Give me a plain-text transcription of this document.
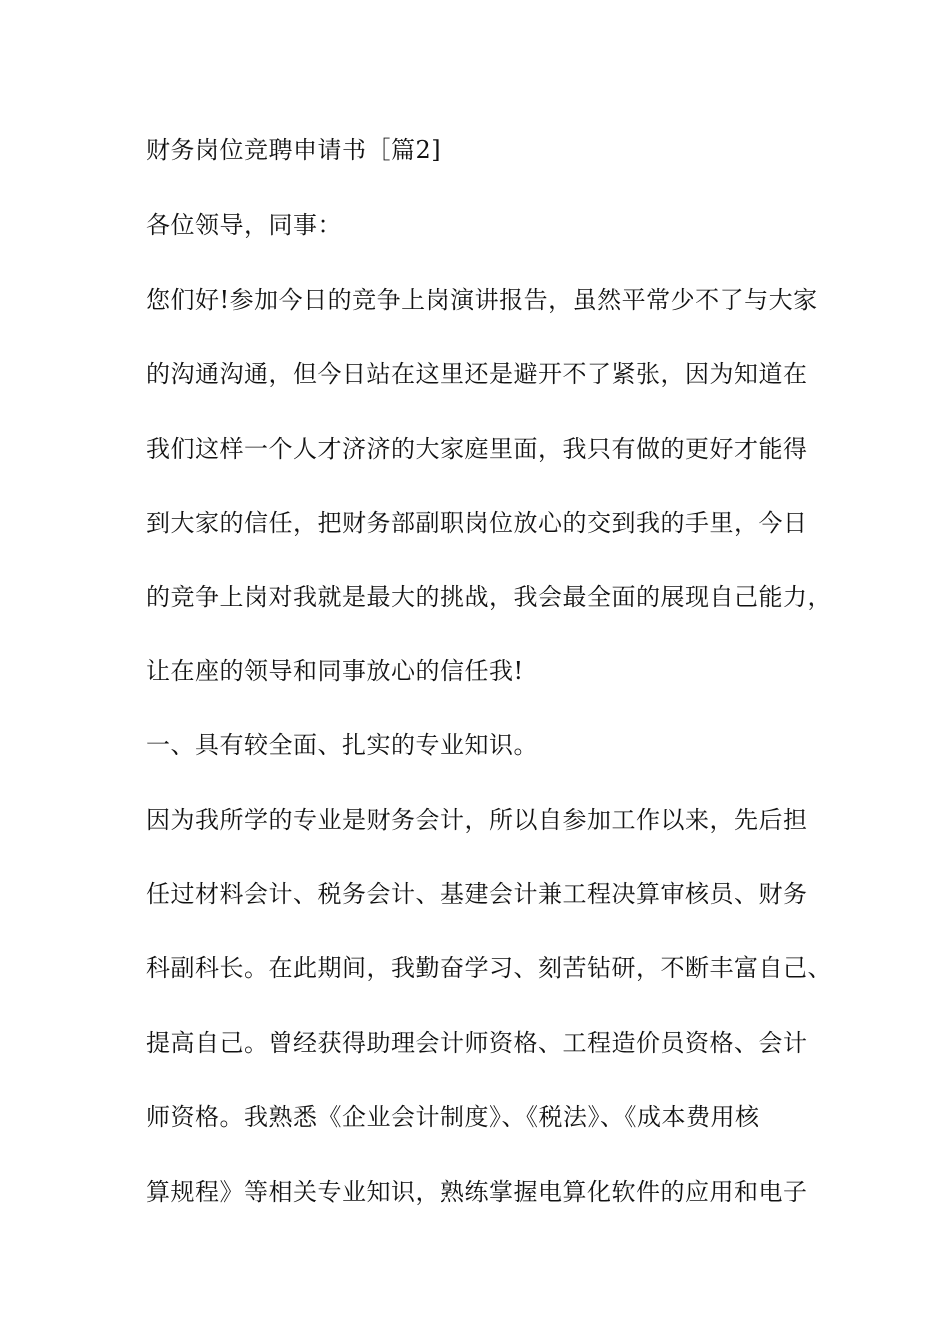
财务岗位竞聘申请书［篇2]
各位领导，同事：
您们好!参加今日的竞争上岗演讲报告，虽然平常少不了与大家
的沟通沟通，但今日站在这里还是避开不了紧张，因为知道在
我们这样一个人才济济的大家庭里面，我只有做的更好才能得
到大家的信任，把财务部副职岗位放心的交到我的手里，今日
的竞争上岗对我就是最大的挑战，我会最全面的展现自己能力，
让在座的领导和同事放心的信任我!
一、具有较全面、扎实的专业知识。
因为我所学的专业是财务会计，所以自参加工作以来，先后担
任过材料会计、税务会计、基建会计兼工程决算审核员、财务
科副科长。在此期间，我勤奋学习、刻苦钻研，不断丰富自己、
提高自己。曾经获得助理会计师资格、工程造价员资格、会计
师资格。我熟悉《企业会计制度》、《税法》、《成本费用核
算规程》等相关专业知识，熟练掌握电算化软件的应用和电子
